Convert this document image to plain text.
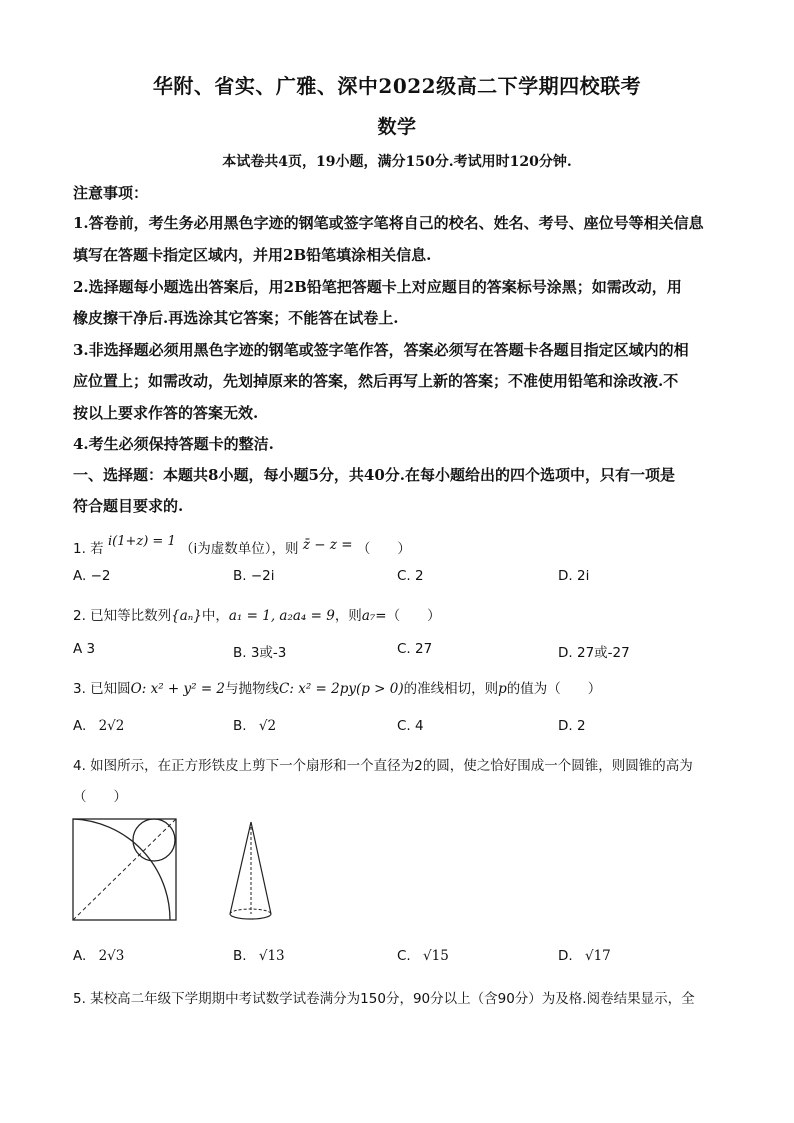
华附、省实、广雅、深中2022级高二下学期四校联考
数学
本试卷共4页，19小题，满分150分.考试用时120分钟.
注意事项：
1.答卷前，考生务必用黑色字迹的钢笔或签字笔将自己的校名、姓名、考号、座位号等相关信息
填写在答题卡指定区域内，并用2B铅笔填涂相关信息.
2.选择题每小题选出答案后，用2B铅笔把答题卡上对应题目的答案标号涂黑；如需改动，用
橡皮擦干净后.再选涂其它答案；不能答在试卷上.
3.非选择题必须用黑色字迹的钢笔或签字笔作答，答案必须写在答题卡各题目指定区域内的相
应位置上；如需改动，先划掉原来的答案，然后再写上新的答案；不准使用铅笔和涂改液.不
按以上要求作答的答案无效.
4.考生必须保持答题卡的整洁.
一、选择题：本题共8小题，每小题5分，共40分.在每小题给出的四个选项中，只有一项是
符合题目要求的.
1. 若 i(1+z) = 1 （i为虚数单位），则 z̄ − z = （　　）
A. −2	B. −2i	C. 2	D. 2i
2. 已知等比数列{aₙ}中，a₁ = 1, a₂a₄ = 9，则a₇=（　　）
A 3	B. 3或-3	C. 27	D. 27或-27
3. 已知圆O: x² + y² = 2与抛物线C: x² = 2py(p > 0)的准线相切，则p的值为（　　）
A. 2√2	B. √2	C. 4	D. 2
4. 如图所示，在正方形铁皮上剪下一个扇形和一个直径为2的圆，使之恰好围成一个圆锥，则圆锥的高为
（　　）
A. 2√3	B. √13	C. √15	D. √17
5. 某校高二年级下学期期中考试数学试卷满分为150分，90分以上（含90分）为及格.阅卷结果显示，全
